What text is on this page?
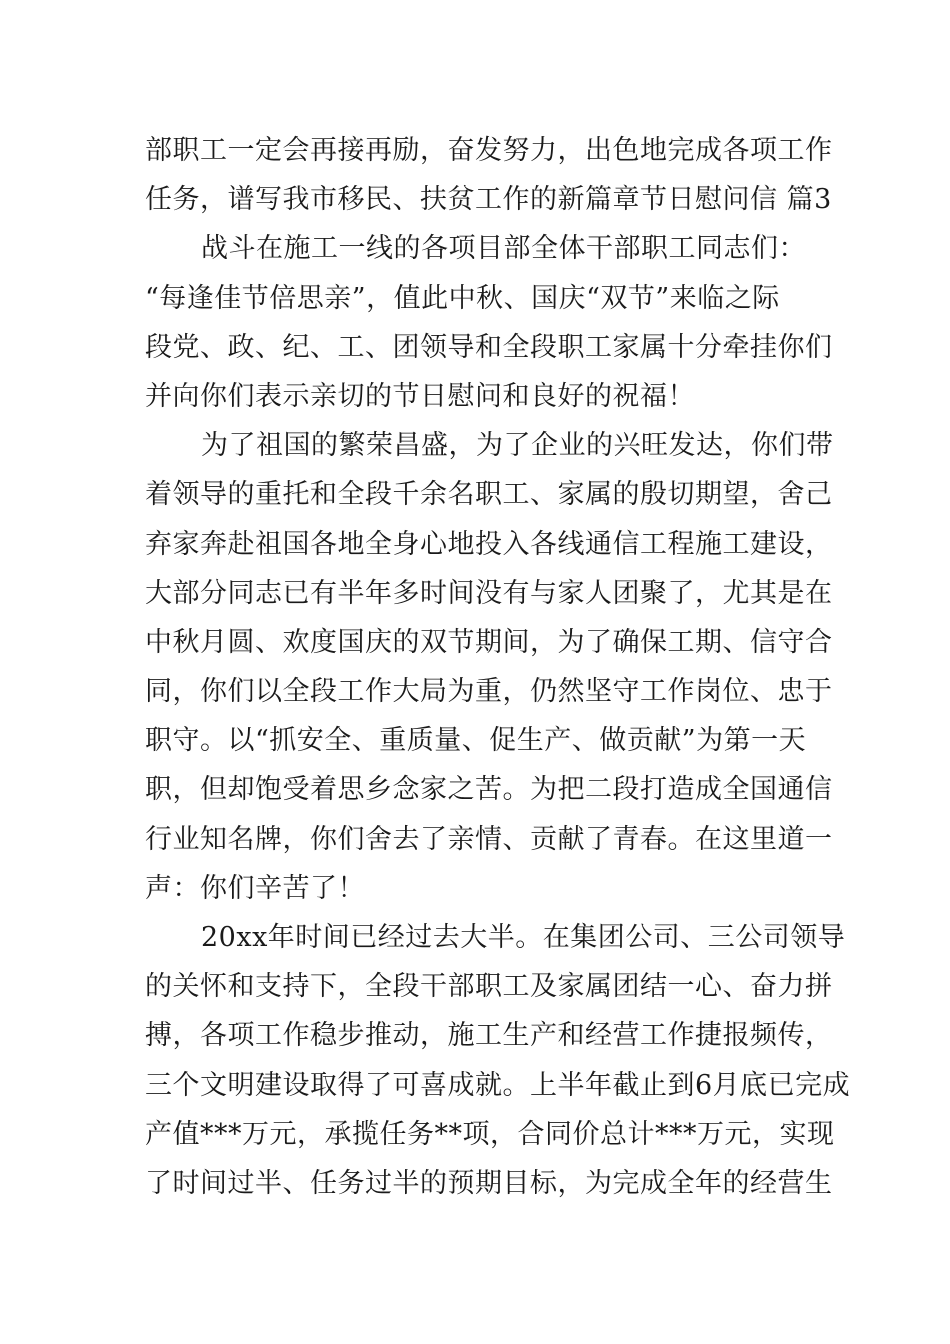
部职工一定会再接再励，奋发努力，出色地完成各项工作
任务，谱写我市移民、扶贫工作的新篇章节日慰问信 篇3
战斗在施工一线的各项目部全体干部职工同志们：
“每逢佳节倍思亲”，值此中秋、国庆“双节”来临之际
段党、政、纪、工、团领导和全段职工家属十分牵挂你们
并向你们表示亲切的节日慰问和良好的祝福！
为了祖国的繁荣昌盛，为了企业的兴旺发达，你们带
着领导的重托和全段千余名职工、家属的殷切期望，舍己
弃家奔赴祖国各地全身心地投入各线通信工程施工建设，
大部分同志已有半年多时间没有与家人团聚了，尤其是在
中秋月圆、欢度国庆的双节期间，为了确保工期、信守合
同，你们以全段工作大局为重，仍然坚守工作岗位、忠于
职守。以“抓安全、重质量、促生产、做贡献”为第一天
职，但却饱受着思乡念家之苦。为把二段打造成全国通信
行业知名牌，你们舍去了亲情、贡献了青春。在这里道一
声：你们辛苦了！
20xx年时间已经过去大半。在集团公司、三公司领导
的关怀和支持下，全段干部职工及家属团结一心、奋力拼
搏，各项工作稳步推动，施工生产和经营工作捷报频传，
三个文明建设取得了可喜成就。上半年截止到6月底已完成
产值***万元，承揽任务**项，合同价总计***万元，实现
了时间过半、任务过半的预期目标，为完成全年的经营生
